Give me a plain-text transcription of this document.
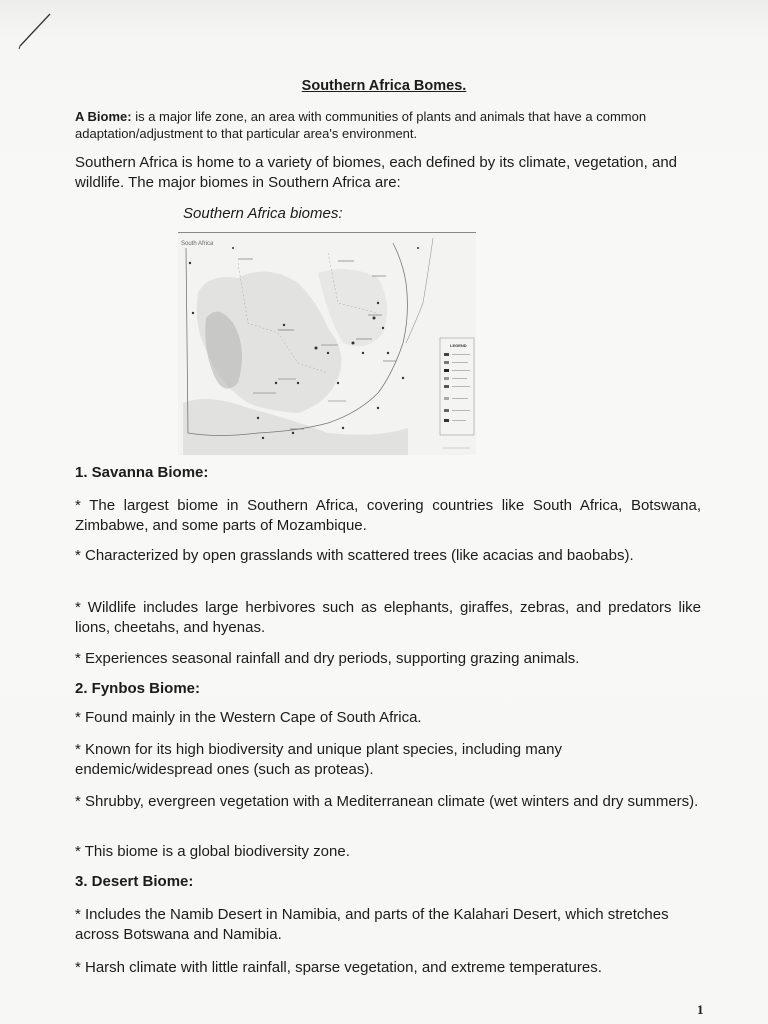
Southern Africa Bomes.
A Biome: is a major life zone, an area with communities of plants and animals that have a common adaptation/adjustment to that particular area's environment.
Southern Africa is home to a variety of biomes, each defined by its climate, vegetation, and wildlife. The major biomes in Southern Africa are:
Southern Africa biomes:
South Africa
LEGEND
1. Savanna Biome:
* The largest biome in Southern Africa, covering countries like South Africa, Botswana, Zimbabwe, and some parts of Mozambique.
* Characterized by open grasslands with scattered trees (like acacias and baobabs).
* Wildlife includes large herbivores such as elephants, giraffes, zebras, and predators like lions, cheetahs, and hyenas.
* Experiences seasonal rainfall and dry periods, supporting grazing animals.
2. Fynbos Biome:
* Found mainly in the Western Cape of South Africa.
* Known for its high biodiversity and unique plant species, including many endemic/widespread ones (such as proteas).
* Shrubby, evergreen vegetation with a Mediterranean climate (wet winters and dry summers).
* This biome is a global biodiversity zone.
3. Desert Biome:
* Includes the Namib Desert in Namibia, and parts of the Kalahari Desert, which stretches across Botswana and Namibia.
* Harsh climate with little rainfall, sparse vegetation, and extreme temperatures.
1
